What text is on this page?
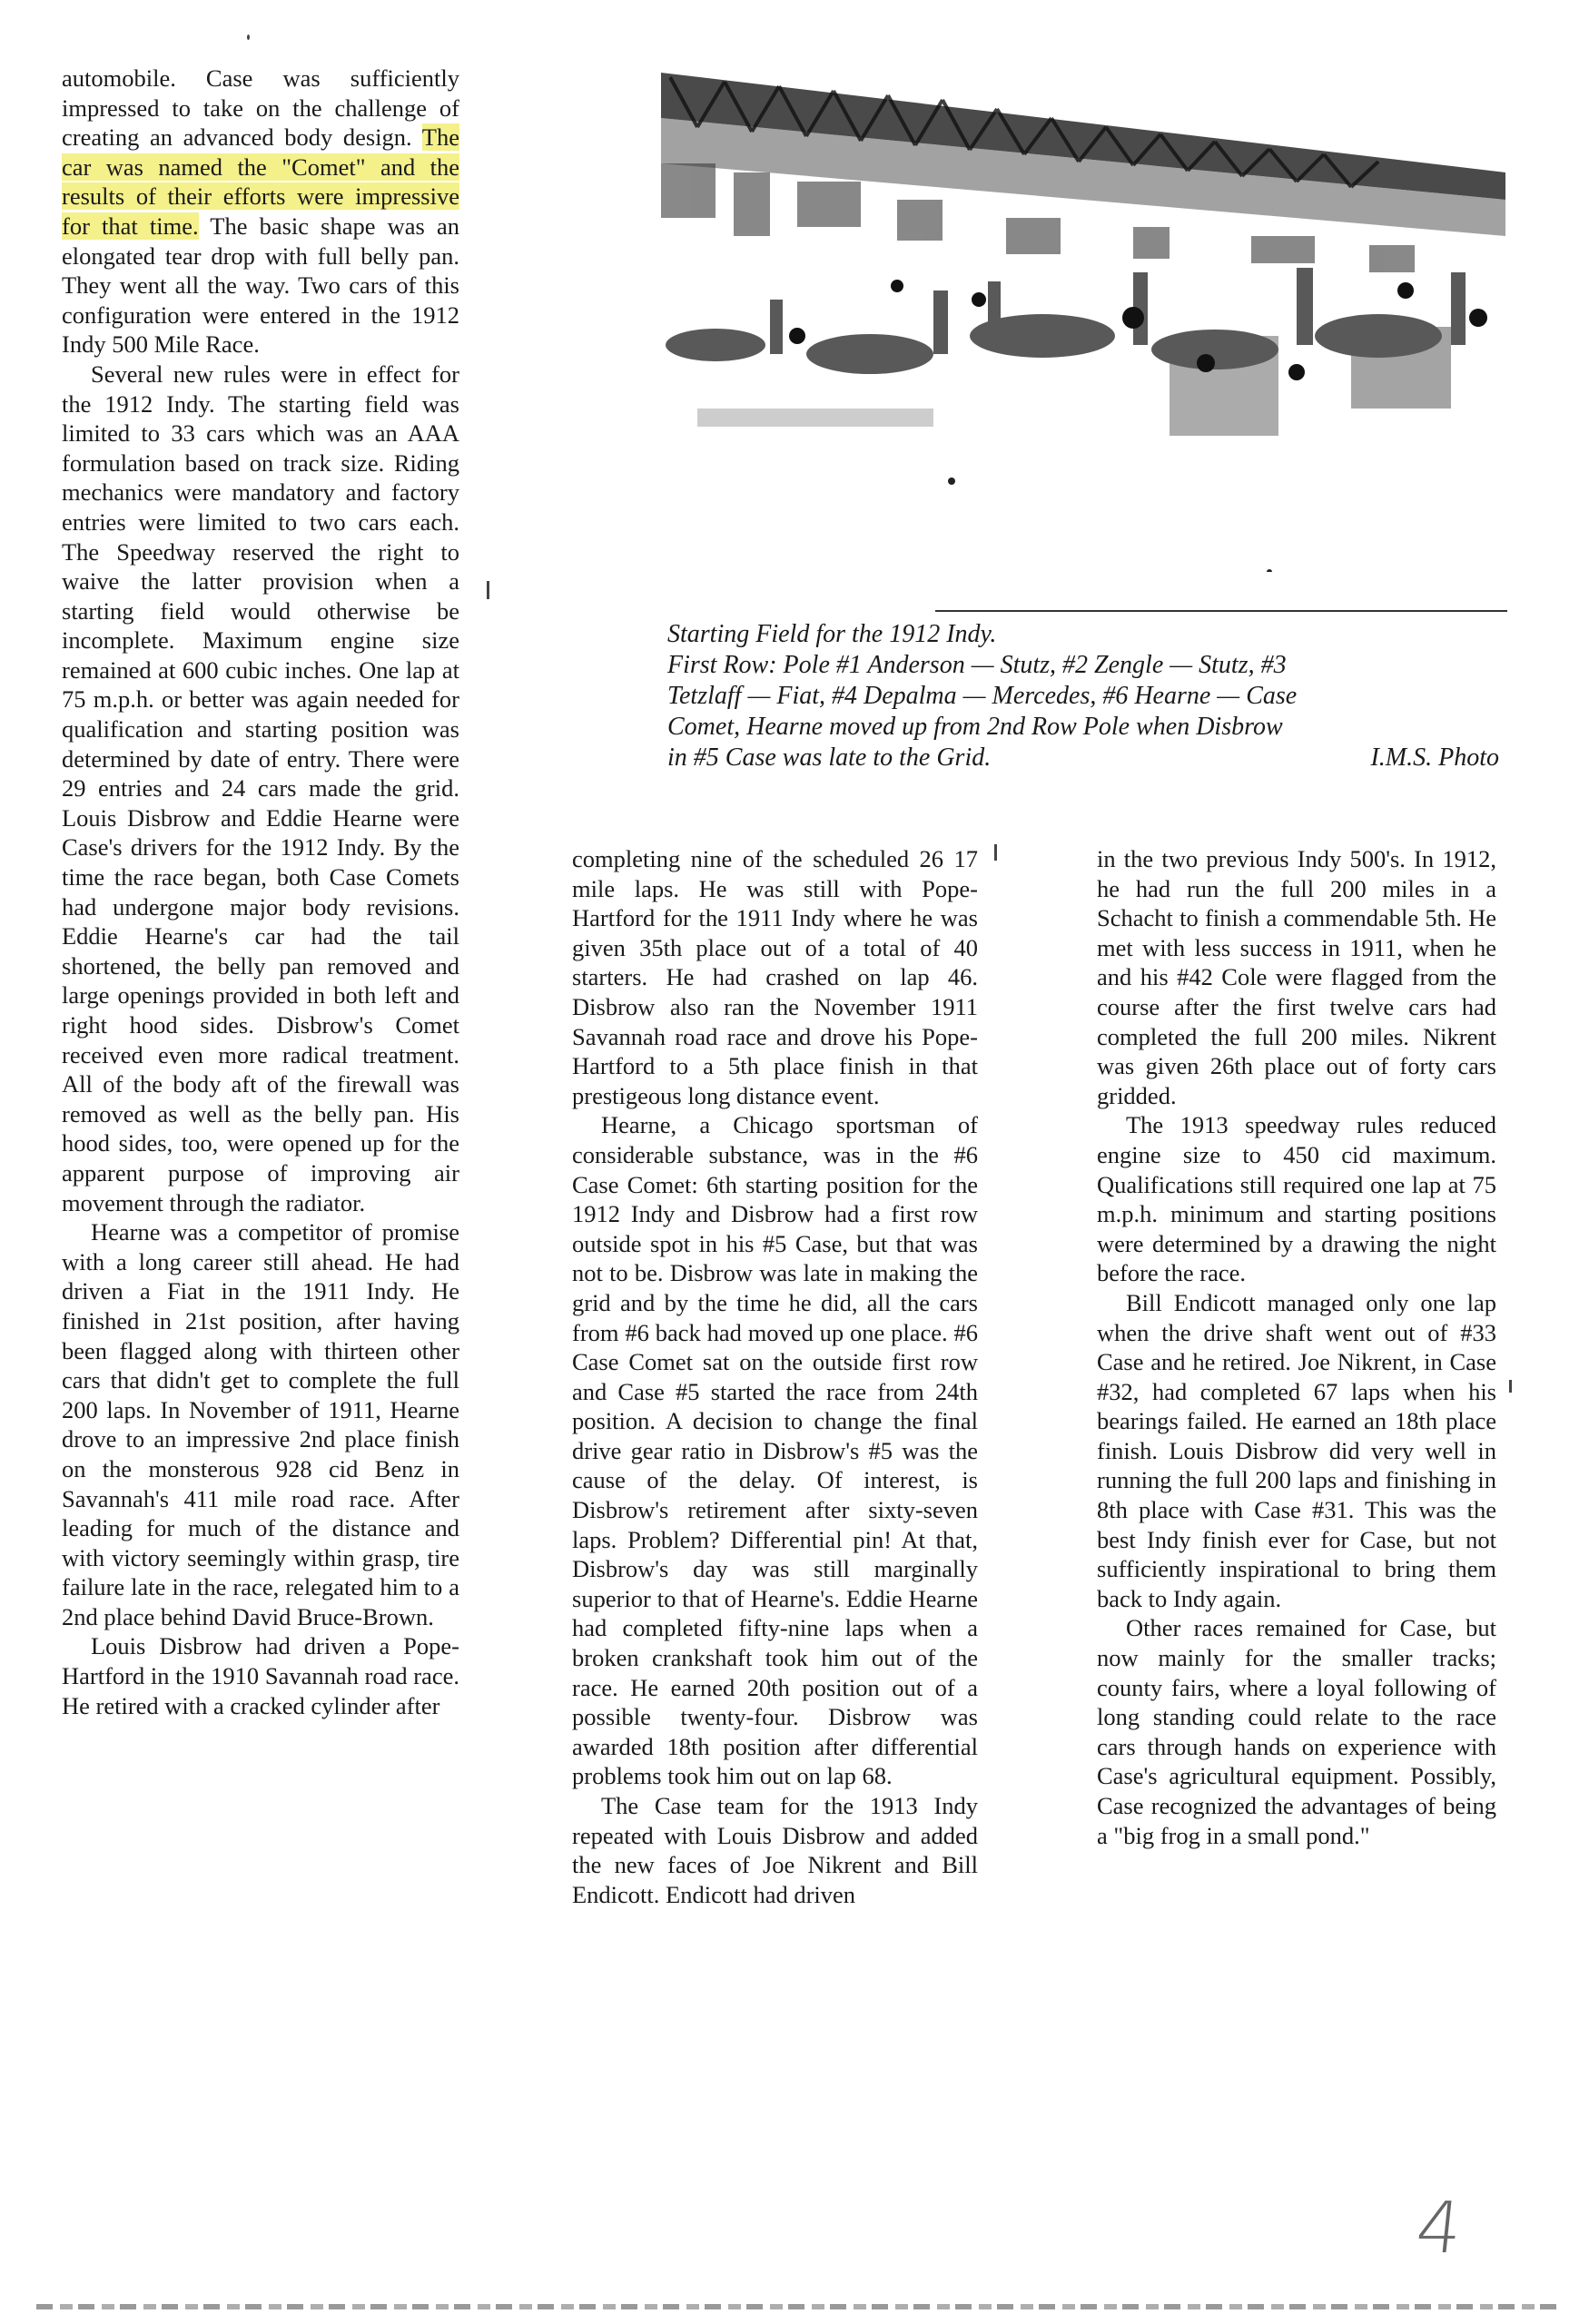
Starting Field for the 1912 Indy.
First Row: Pole #1 Anderson — Stutz, #2 Zengle — Stutz, #3
Tetzlaff — Fiat, #4 Depalma — Mercedes, #6 Hearne — Case
Comet, Hearne moved up from 2nd Row Pole when Disbrow
in #5 Case was late to the Grid.	I.M.S. Photo

automobile. Case was sufficiently impressed to take on the challenge of creating an advanced body design. The car was named the "Comet" and the results of their efforts were impressive for that time. The basic shape was an elongated tear drop with full belly pan. They went all the way. Two cars of this configuration were entered in the 1912 Indy 500 Mile Race.

Several new rules were in effect for the 1912 Indy. The starting field was limited to 33 cars which was an AAA formulation based on track size. Riding mechanics were mandatory and factory entries were limited to two cars each. The Speedway reserved the right to waive the latter provision when a starting field would otherwise be incomplete. Maximum engine size remained at 600 cubic inches. One lap at 75 m.p.h. or better was again needed for qualification and starting position was determined by date of entry. There were 29 entries and 24 cars made the grid. Louis Disbrow and Eddie Hearne were Case's drivers for the 1912 Indy. By the time the race began, both Case Comets had undergone major body revisions. Eddie Hearne's car had the tail shortened, the belly pan removed and large openings provided in both left and right hood sides. Disbrow's Comet received even more radical treatment. All of the body aft of the firewall was removed as well as the belly pan. His hood sides, too, were opened up for the apparent purpose of improving air movement through the radiator.

Hearne was a competitor of promise with a long career still ahead. He had driven a Fiat in the 1911 Indy. He finished in 21st position, after having been flagged along with thirteen other cars that didn't get to complete the full 200 laps. In November of 1911, Hearne drove to an impressive 2nd place finish on the monsterous 928 cid Benz in Savannah's 411 mile road race. After leading for much of the distance and with victory seemingly within grasp, tire failure late in the race, relegated him to a 2nd place behind David Bruce-Brown.

Louis Disbrow had driven a Pope-Hartford in the 1910 Savannah road race. He retired with a cracked cylinder after

completing nine of the scheduled 26 17 mile laps. He was still with Pope-Hartford for the 1911 Indy where he was given 35th place out of a total of 40 starters. He had crashed on lap 46. Disbrow also ran the November 1911 Savannah road race and drove his Pope-Hartford to a 5th place finish in that prestigeous long distance event.

Hearne, a Chicago sportsman of considerable substance, was in the #6 Case Comet: 6th starting position for the 1912 Indy and Disbrow had a first row outside spot in his #5 Case, but that was not to be. Disbrow was late in making the grid and by the time he did, all the cars from #6 back had moved up one place. #6 Case Comet sat on the outside first row and Case #5 started the race from 24th position. A decision to change the final drive gear ratio in Disbrow's #5 was the cause of the delay. Of interest, is Disbrow's retirement after sixty-seven laps. Problem? Differential pin! At that, Disbrow's day was still marginally superior to that of Hearne's. Eddie Hearne had completed fifty-nine laps when a broken crankshaft took him out of the race. He earned 20th position out of a possible twenty-four. Disbrow was awarded 18th position after differential problems took him out on lap 68.

The Case team for the 1913 Indy repeated with Louis Disbrow and added the new faces of Joe Nikrent and Bill Endicott. Endicott had driven

in the two previous Indy 500's. In 1912, he had run the full 200 miles in a Schacht to finish a commendable 5th. He met with less success in 1911, when he and his #42 Cole were flagged from the course after the first twelve cars had completed the full 200 miles. Nikrent was given 26th place out of forty cars gridded.

The 1913 speedway rules reduced engine size to 450 cid maximum. Qualifications still required one lap at 75 m.p.h. minimum and starting positions were determined by a drawing the night before the race.

Bill Endicott managed only one lap when the drive shaft went out of #33 Case and he retired. Joe Nikrent, in Case #32, had completed 67 laps when his bearings failed. He earned an 18th place finish. Louis Disbrow did very well in running the full 200 laps and finishing in 8th place with Case #31. This was the best Indy finish ever for Case, but not sufficiently inspirational to bring them back to Indy again.

Other races remained for Case, but now mainly for the smaller tracks; county fairs, where a loyal following of long standing could relate to the race cars through hands on experience with Case's agricultural equipment. Possibly, Case recognized the advantages of being a "big frog in a small pond."

4
